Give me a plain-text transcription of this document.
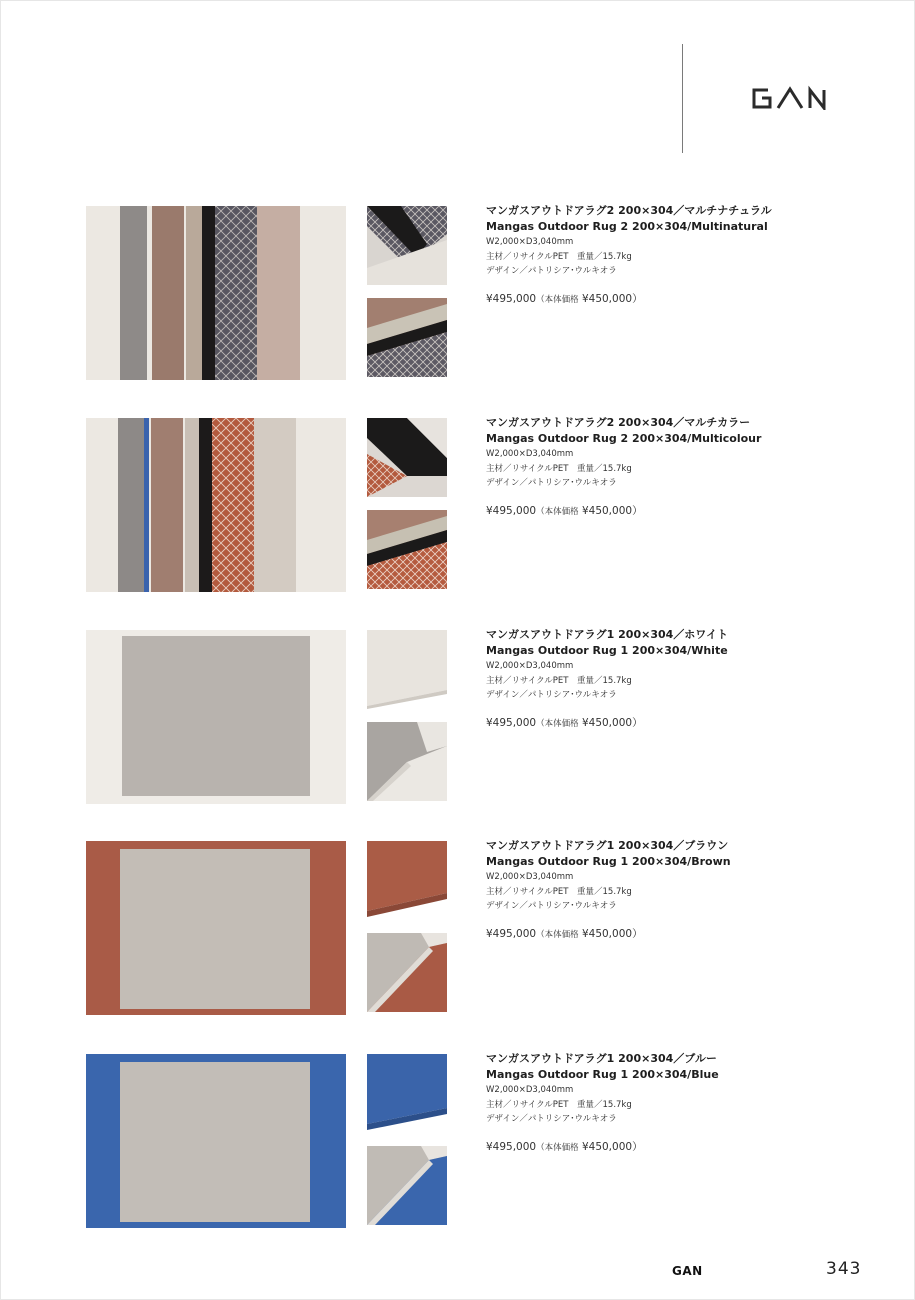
マンガスアウトドアラグ2 200×304／マルチナチュラル
Mangas Outdoor Rug 2 200×304/Multinatural
W2,000×D3,040mm
主材／リサイクルPET　重量／15.7kg
デザイン／パトリシア･ウルキオラ
¥495,000（本体価格 ¥450,000）
マンガスアウトドアラグ2 200×304／マルチカラー
Mangas Outdoor Rug 2 200×304/Multicolour
W2,000×D3,040mm
主材／リサイクルPET　重量／15.7kg
デザイン／パトリシア･ウルキオラ
¥495,000（本体価格 ¥450,000）
マンガスアウトドアラグ1 200×304／ホワイト
Mangas Outdoor Rug 1 200×304/White
W2,000×D3,040mm
主材／リサイクルPET　重量／15.7kg
デザイン／パトリシア･ウルキオラ
¥495,000（本体価格 ¥450,000）
マンガスアウトドアラグ1 200×304／ブラウン
Mangas Outdoor Rug 1 200×304/Brown
W2,000×D3,040mm
主材／リサイクルPET　重量／15.7kg
デザイン／パトリシア･ウルキオラ
¥495,000（本体価格 ¥450,000）
マンガスアウトドアラグ1 200×304／ブルー
Mangas Outdoor Rug 1 200×304/Blue
W2,000×D3,040mm
主材／リサイクルPET　重量／15.7kg
デザイン／パトリシア･ウルキオラ
¥495,000（本体価格 ¥450,000）
GAN	343
